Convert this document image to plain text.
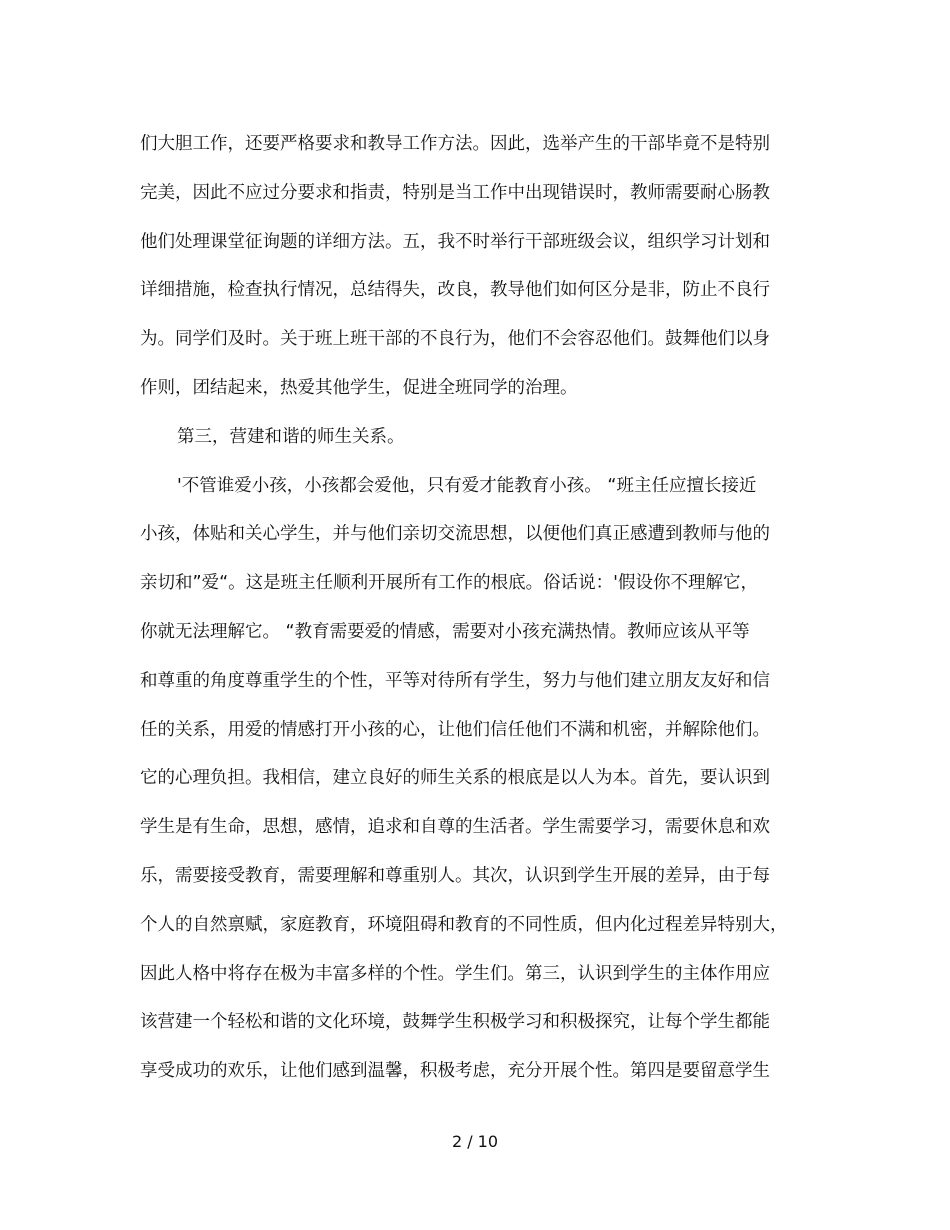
们大胆工作，还要严格要求和教导工作方法。因此，选举产生的干部毕竟不是特别
完美，因此不应过分要求和指责，特别是当工作中出现错误时，教师需要耐心肠教
他们处理课堂征询题的详细方法。五，我不时举行干部班级会议，组织学习计划和
详细措施，检查执行情况，总结得失，改良，教导他们如何区分是非，防止不良行
为。同学们及时。关于班上班干部的不良行为，他们不会容忍他们。鼓舞他们以身
作则，团结起来，热爱其他学生，促进全班同学的治理。
第三，营建和谐的师生关系。
'不管谁爱小孩，小孩都会爱他，只有爱才能教育小孩。 “班主任应擅长接近
小孩，体贴和关心学生，并与他们亲切交流思想，以便他们真正感遭到教师与他的
亲切和”爱“。这是班主任顺利开展所有工作的根底。俗话说：'假设你不理解它，
你就无法理解它。 “教育需要爱的情感，需要对小孩充满热情。教师应该从平等
和尊重的角度尊重学生的个性，平等对待所有学生，努力与他们建立朋友友好和信
任的关系，用爱的情感打开小孩的心，让他们信任他们不满和机密，并解除他们。
它的心理负担。我相信，建立良好的师生关系的根底是以人为本。首先，要认识到
学生是有生命，思想，感情，追求和自尊的生活者。学生需要学习，需要休息和欢
乐，需要接受教育，需要理解和尊重别人。其次，认识到学生开展的差异，由于每
个人的自然禀赋，家庭教育，环境阻碍和教育的不同性质，但内化过程差异特别大，
因此人格中将存在极为丰富多样的个性。学生们。第三，认识到学生的主体作用应
该营建一个轻松和谐的文化环境，鼓舞学生积极学习和积极探究，让每个学生都能
享受成功的欢乐，让他们感到温馨，积极考虑，充分开展个性。第四是要留意学生
2 / 10
